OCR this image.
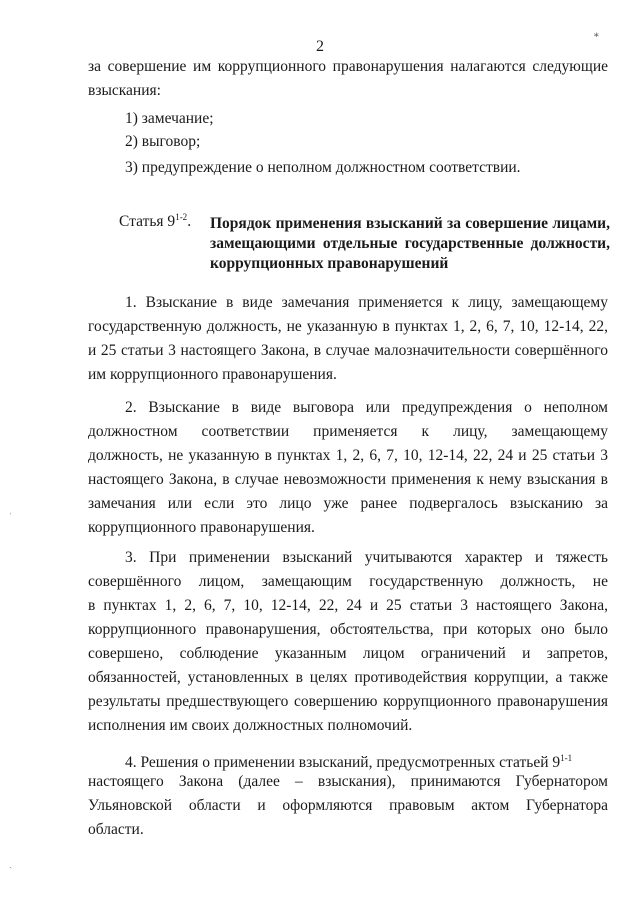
2
∗
за совершение им коррупционного правонарушения налагаются следующие
взыскания:
1) замечание;
2) выговор;
3) предупреждение о неполном должностном соответствии.
Статья 9$^{1-2}$. Порядок применения взысканий за совершение лицами,
замещающими отдельные государственные должности,
коррупционных правонарушений
1. Взыскание в виде замечания применяется к лицу, замещающему
государственную должность, не указанную в пунктах 1, 2, 6, 7, 10, 12-14, 22,
и 25 статьи 3 настоящего Закона, в случае малозначительности совершённого
им коррупционного правонарушения.
2. Взыскание в виде выговора или предупреждения о неполном
должностном соответствии применяется к лицу, замещающему
должность, не указанную в пунктах 1, 2, 6, 7, 10, 12-14, 22, 24 и 25 статьи 3
настоящего Закона, в случае невозможности применения к нему взыскания в
замечания или если это лицо уже ранее подвергалось взысканию за
коррупционного правонарушения.
3. При применении взысканий учитываются характер и тяжесть
совершённого лицом, замещающим государственную должность, не
в пунктах 1, 2, 6, 7, 10, 12-14, 22, 24 и 25 статьи 3 настоящего Закона,
коррупционного правонарушения, обстоятельства, при которых оно было
совершено, соблюдение указанным лицом ограничений и запретов,
обязанностей, установленных в целях противодействия коррупции, а также
результаты предшествующего совершению коррупционного правонарушения
исполнения им своих должностных полномочий.
4. Решения о применении взысканий, предусмотренных статьей 9$^{1-1}$
настоящего Закона (далее – взыскания), принимаются Губернатором
Ульяновской области и оформляются правовым актом Губернатора
области.
ˈ
ˎ
